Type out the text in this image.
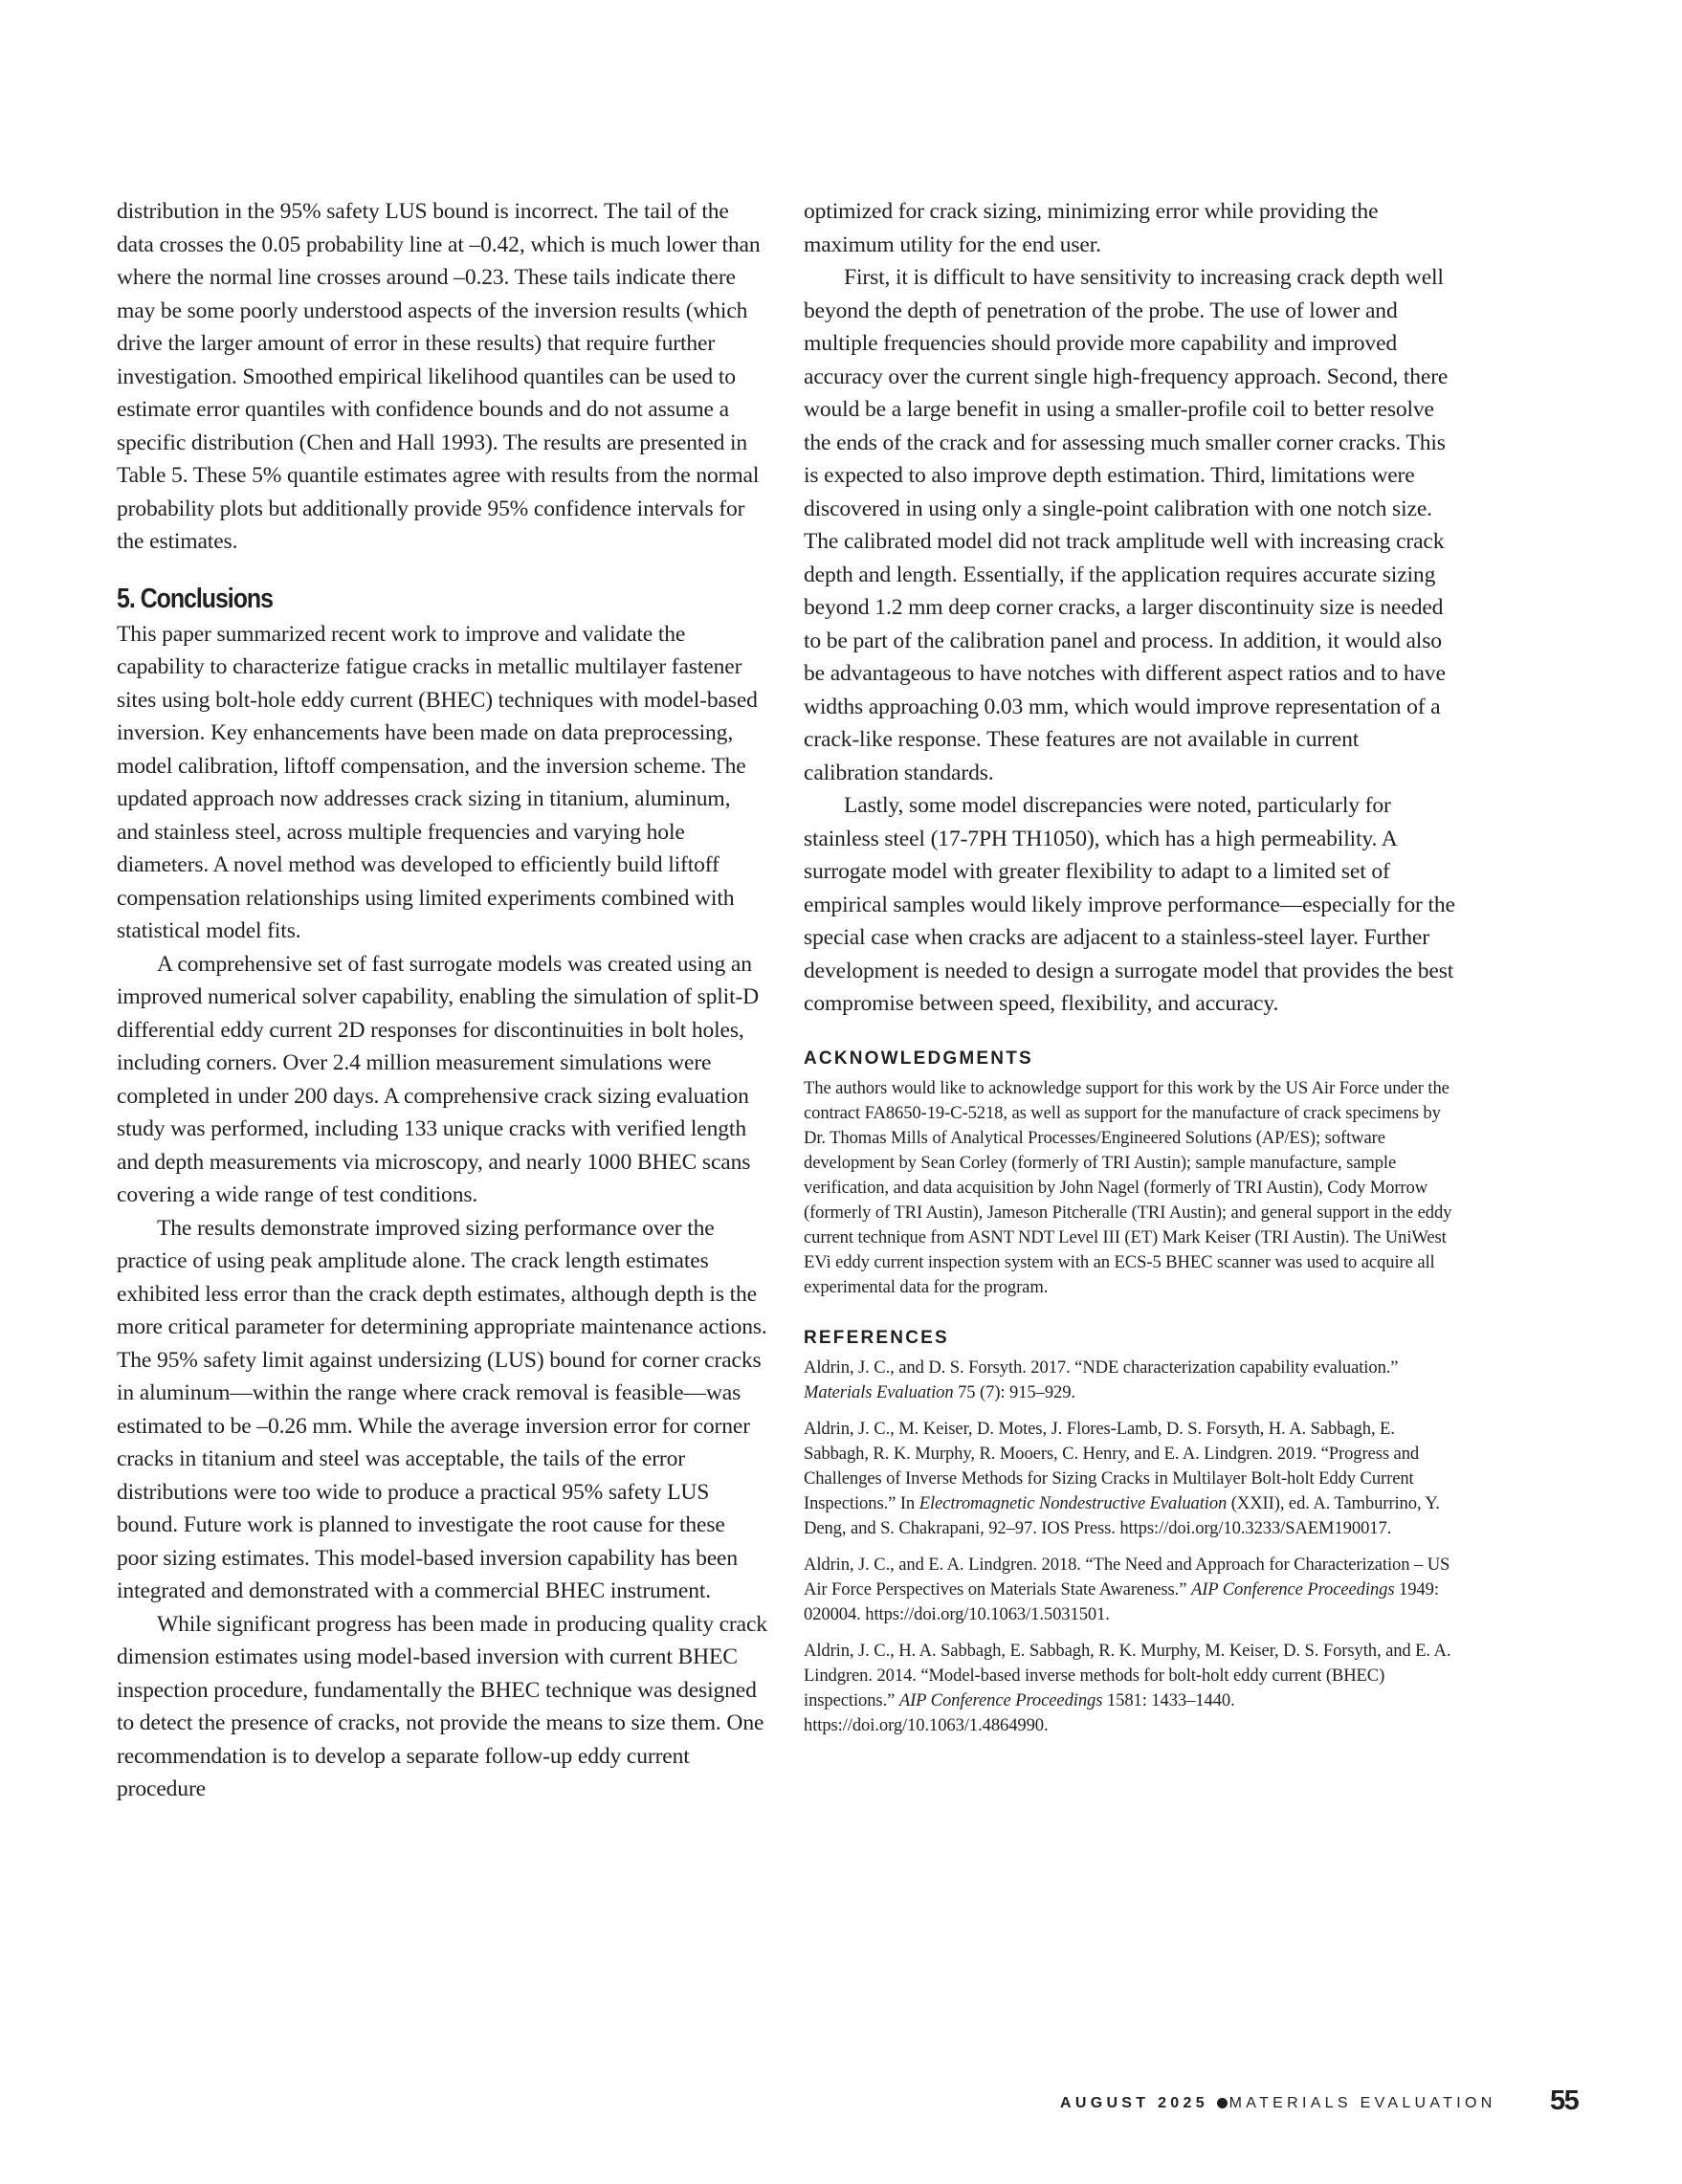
distribution in the 95% safety LUS bound is incorrect. The tail of the data crosses the 0.05 probability line at –0.42, which is much lower than where the normal line crosses around –0.23. These tails indicate there may be some poorly understood aspects of the inversion results (which drive the larger amount of error in these results) that require further investigation. Smoothed empirical likelihood quantiles can be used to estimate error quantiles with confidence bounds and do not assume a specific distribution (Chen and Hall 1993). The results are presented in Table 5. These 5% quantile estimates agree with results from the normal probability plots but additionally provide 95% confidence intervals for the estimates.

5. Conclusions

This paper summarized recent work to improve and validate the capability to characterize fatigue cracks in metallic multilayer fastener sites using bolt-hole eddy current (BHEC) techniques with model-based inversion. Key enhancements have been made on data preprocessing, model calibration, liftoff compensation, and the inversion scheme. The updated approach now addresses crack sizing in titanium, aluminum, and stainless steel, across multiple frequencies and varying hole diameters. A novel method was developed to efficiently build liftoff compensation relationships using limited experiments combined with statistical model fits.

A comprehensive set of fast surrogate models was created using an improved numerical solver capability, enabling the simulation of split-D differential eddy current 2D responses for discontinuities in bolt holes, including corners. Over 2.4 million measurement simulations were completed in under 200 days. A comprehensive crack sizing evaluation study was performed, including 133 unique cracks with verified length and depth measurements via microscopy, and nearly 1000 BHEC scans covering a wide range of test conditions.

The results demonstrate improved sizing performance over the practice of using peak amplitude alone. The crack length estimates exhibited less error than the crack depth estimates, although depth is the more critical parameter for determining appropriate maintenance actions. The 95% safety limit against undersizing (LUS) bound for corner cracks in aluminum—within the range where crack removal is feasible—was estimated to be –0.26 mm. While the average inversion error for corner cracks in titanium and steel was acceptable, the tails of the error distributions were too wide to produce a practical 95% safety LUS bound. Future work is planned to investigate the root cause for these poor sizing estimates. This model-based inversion capability has been integrated and demonstrated with a commercial BHEC instrument.

While significant progress has been made in producing quality crack dimension estimates using model-based inversion with current BHEC inspection procedure, fundamentally the BHEC technique was designed to detect the presence of cracks, not provide the means to size them. One recommendation is to develop a separate follow-up eddy current procedure

optimized for crack sizing, minimizing error while providing the maximum utility for the end user.

First, it is difficult to have sensitivity to increasing crack depth well beyond the depth of penetration of the probe. The use of lower and multiple frequencies should provide more capability and improved accuracy over the current single high-frequency approach. Second, there would be a large benefit in using a smaller-profile coil to better resolve the ends of the crack and for assessing much smaller corner cracks. This is expected to also improve depth estimation. Third, limitations were discovered in using only a single-point calibration with one notch size. The calibrated model did not track amplitude well with increasing crack depth and length. Essentially, if the application requires accurate sizing beyond 1.2 mm deep corner cracks, a larger discontinuity size is needed to be part of the calibration panel and process. In addition, it would also be advantageous to have notches with different aspect ratios and to have widths approaching 0.03 mm, which would improve representation of a crack-like response. These features are not available in current calibration standards.

Lastly, some model discrepancies were noted, particularly for stainless steel (17-7PH TH1050), which has a high permeability. A surrogate model with greater flexibility to adapt to a limited set of empirical samples would likely improve performance—especially for the special case when cracks are adjacent to a stainless-steel layer. Further development is needed to design a surrogate model that provides the best compromise between speed, flexibility, and accuracy.

ACKNOWLEDGMENTS

The authors would like to acknowledge support for this work by the US Air Force under the contract FA8650-19-C-5218, as well as support for the manufacture of crack specimens by Dr. Thomas Mills of Analytical Processes/Engineered Solutions (AP/ES); software development by Sean Corley (formerly of TRI Austin); sample manufacture, sample verification, and data acquisition by John Nagel (formerly of TRI Austin), Cody Morrow (formerly of TRI Austin), Jameson Pitcheralle (TRI Austin); and general support in the eddy current technique from ASNT NDT Level III (ET) Mark Keiser (TRI Austin). The UniWest EVi eddy current inspection system with an ECS-5 BHEC scanner was used to acquire all experimental data for the program.

REFERENCES
Aldrin, J. C., and D. S. Forsyth. 2017. “NDE characterization capability evaluation.” Materials Evaluation 75 (7): 915–929.
Aldrin, J. C., M. Keiser, D. Motes, J. Flores-Lamb, D. S. Forsyth, H. A. Sabbagh, E. Sabbagh, R. K. Murphy, R. Mooers, C. Henry, and E. A. Lindgren. 2019. “Progress and Challenges of Inverse Methods for Sizing Cracks in Multilayer Bolt-holt Eddy Current Inspections.” In Electromagnetic Nondestructive Evaluation (XXII), ed. A. Tamburrino, Y. Deng, and S. Chakrapani, 92–97. IOS Press. https://doi.org/10.3233/SAEM190017.
Aldrin, J. C., and E. A. Lindgren. 2018. “The Need and Approach for Characterization – US Air Force Perspectives on Materials State Awareness.” AIP Conference Proceedings 1949: 020004. https://doi.org/10.1063/1.5031501.
Aldrin, J. C., H. A. Sabbagh, E. Sabbagh, R. K. Murphy, M. Keiser, D. S. Forsyth, and E. A. Lindgren. 2014. “Model-based inverse methods for bolt-holt eddy current (BHEC) inspections.” AIP Conference Proceedings 1581: 1433–1440. https://doi.org/10.1063/1.4864990.
AUGUST 2025 MATERIALS EVALUATION 55
